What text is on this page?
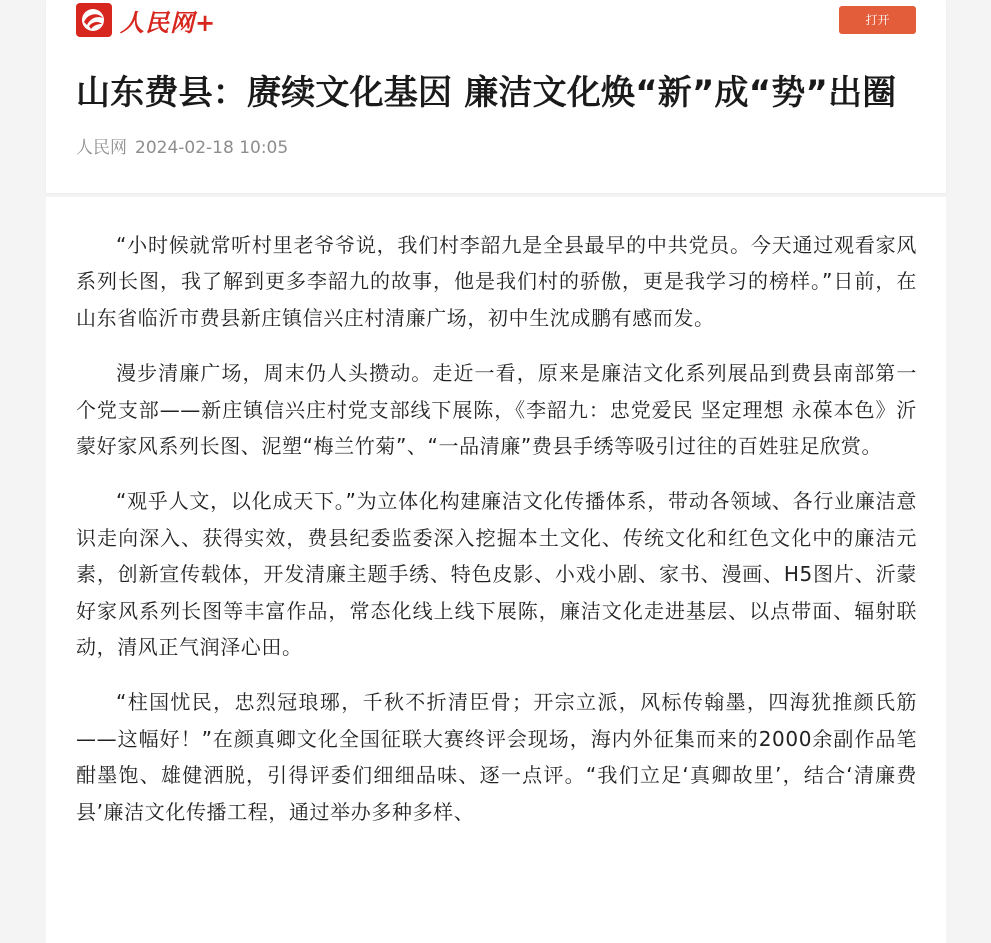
人民网+	打开
山东费县：赓续文化基因 廉洁文化焕“新”成“势”出圈
人民网 2024-02-18 10:05

“小时候就常听村里老爷爷说，我们村李韶九是全县最早的中共党员。今天通过观看家风系列长图，我了解到更多李韶九的故事，他是我们村的骄傲，更是我学习的榜样。”日前，在山东省临沂市费县新庄镇信兴庄村清廉广场，初中生沈成鹏有感而发。

漫步清廉广场，周末仍人头攒动。走近一看，原来是廉洁文化系列展品到费县南部第一个党支部——新庄镇信兴庄村党支部线下展陈，《李韶九：忠党爱民 坚定理想 永葆本色》沂蒙好家风系列长图、泥塑“梅兰竹菊”、“一品清廉”费县手绣等吸引过往的百姓驻足欣赏。

“观乎人文，以化成天下。”为立体化构建廉洁文化传播体系，带动各领域、各行业廉洁意识走向深入、获得实效，费县纪委监委深入挖掘本土文化、传统文化和红色文化中的廉洁元素，创新宣传载体，开发清廉主题手绣、特色皮影、小戏小剧、家书、漫画、H5图片、沂蒙好家风系列长图等丰富作品，常态化线上线下展陈，廉洁文化走进基层、以点带面、辐射联动，清风正气润泽心田。

“柱国忧民，忠烈冠琅琊，千秋不折清臣骨；开宗立派，风标传翰墨，四海犹推颜氏筋——这幅好！”在颜真卿文化全国征联大赛终评会现场，海内外征集而来的2000余副作品笔酣墨饱、雄健洒脱，引得评委们细细品味、逐一点评。“我们立足‘真卿故里’，结合‘清廉费县’廉洁文化传播工程，通过举办多种多样、
